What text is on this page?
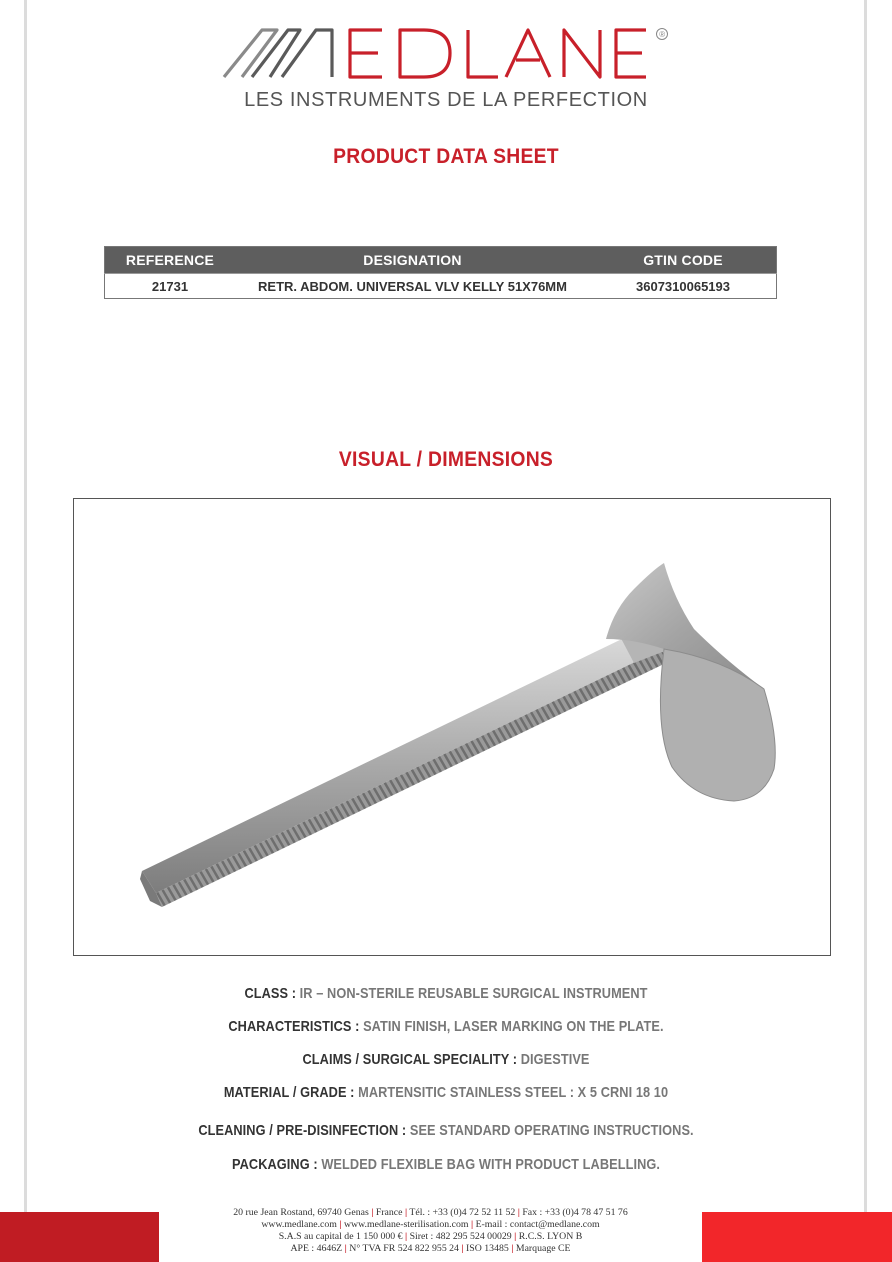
®
LES INSTRUMENTS DE LA PERFECTION
PRODUCT DATA SHEET
REFERENCE	DESIGNATION	GTIN CODE
21731	RETR. ABDOM. UNIVERSAL VLV KELLY 51X76MM	3607310065193
VISUAL / DIMENSIONS
CLASS : IR – NON-STERILE REUSABLE SURGICAL INSTRUMENT
CHARACTERISTICS : SATIN FINISH, LASER MARKING ON THE PLATE.
CLAIMS / SURGICAL SPECIALITY : DIGESTIVE
MATERIAL / GRADE : MARTENSITIC STAINLESS STEEL : X 5 CRNI 18 10
CLEANING / PRE-DISINFECTION : SEE STANDARD OPERATING INSTRUCTIONS.
PACKAGING : WELDED FLEXIBLE BAG WITH PRODUCT LABELLING.
20 rue Jean Rostand, 69740 Genas | France | Tél. : +33 (0)4 72 52 11 52 | Fax : +33 (0)4 78 47 51 76
www.medlane.com | www.medlane-sterilisation.com | E-mail : contact@medlane.com
S.A.S au capital de 1 150 000 € | Siret : 482 295 524 00029 | R.C.S. LYON B
APE : 4646Z | N° TVA FR 524 822 955 24 | ISO 13485 | Marquage CE
